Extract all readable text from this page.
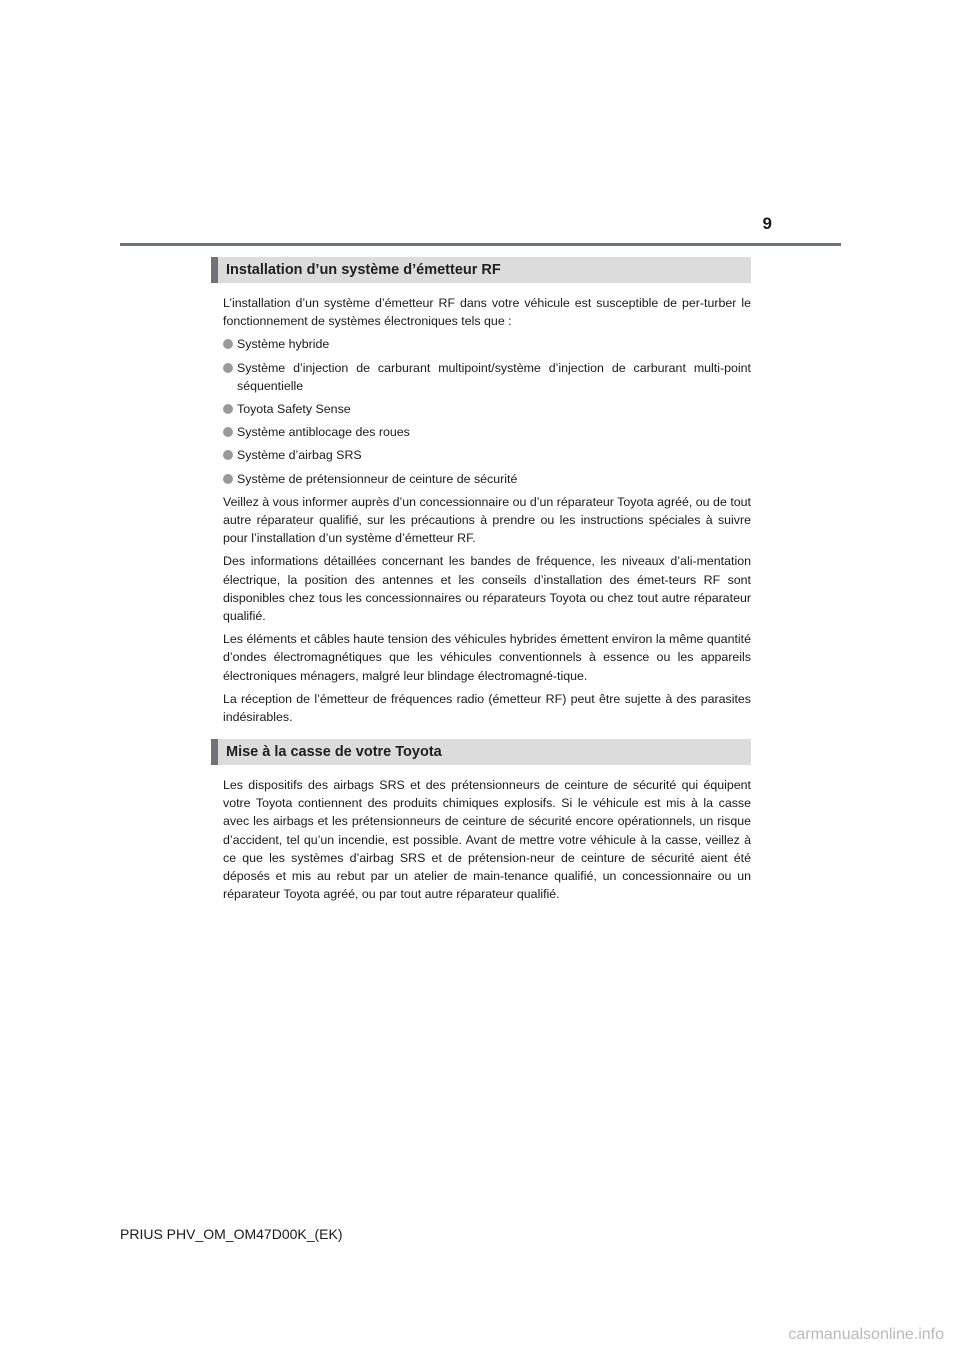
9
Installation d’un système d’émetteur RF

L’installation d’un système d’émetteur RF dans votre véhicule est susceptible de per-turber le fonctionnement de systèmes électroniques tels que :

Système hybride
Système d’injection de carburant multipoint/système d’injection de carburant multi-point séquentielle
Toyota Safety Sense
Système antiblocage des roues
Système d’airbag SRS
Système de prétensionneur de ceinture de sécurité

Veillez à vous informer auprès d’un concessionnaire ou d’un réparateur Toyota agréé, ou de tout autre réparateur qualifié, sur les précautions à prendre ou les instructions spéciales à suivre pour l’installation d’un système d’émetteur RF.

Des informations détaillées concernant les bandes de fréquence, les niveaux d’ali-mentation électrique, la position des antennes et les conseils d’installation des émet-teurs RF sont disponibles chez tous les concessionnaires ou réparateurs Toyota ou chez tout autre réparateur qualifié.

Les éléments et câbles haute tension des véhicules hybrides émettent environ la même quantité d’ondes électromagnétiques que les véhicules conventionnels à essence ou les appareils électroniques ménagers, malgré leur blindage électromagné-tique.

La réception de l’émetteur de fréquences radio (émetteur RF) peut être sujette à des parasites indésirables.

Mise à la casse de votre Toyota

Les dispositifs des airbags SRS et des prétensionneurs de ceinture de sécurité qui équipent votre Toyota contiennent des produits chimiques explosifs. Si le véhicule est mis à la casse avec les airbags et les prétensionneurs de ceinture de sécurité encore opérationnels, un risque d’accident, tel qu’un incendie, est possible. Avant de mettre votre véhicule à la casse, veillez à ce que les systèmes d’airbag SRS et de prétension-neur de ceinture de sécurité aient été déposés et mis au rebut par un atelier de main-tenance qualifié, un concessionnaire ou un réparateur Toyota agréé, ou par tout autre réparateur qualifié.

PRIUS PHV_OM_OM47D00K_(EK)
carmanualsonline.info
